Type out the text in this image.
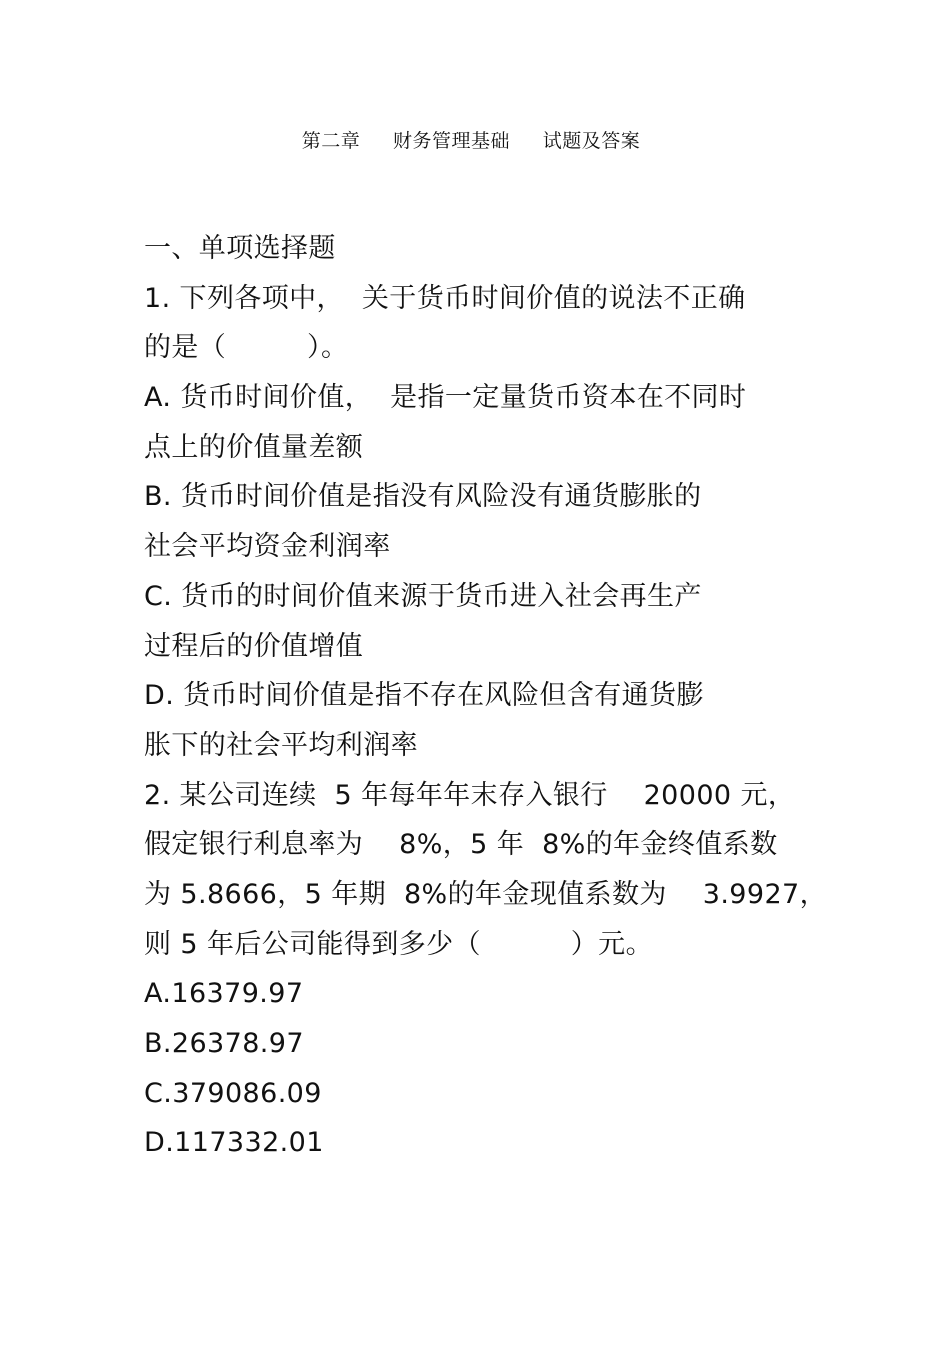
第二章     财务管理基础     试题及答案
一、单项选择题
1. 下列各项中，  关于货币时间价值的说法不正确
的是（         ）。
A. 货币时间价值，  是指一定量货币资本在不同时
点上的价值量差额
B. 货币时间价值是指没有风险没有通货膨胀的
社会平均资金利润率
C. 货币的时间价值来源于货币进入社会再生产
过程后的价值增值
D. 货币时间价值是指不存在风险但含有通货膨
胀下的社会平均利润率
2. 某公司连续  5 年每年年末存入银行    20000 元，
假定银行利息率为    8%，5 年  8%的年金终值系数
为 5.8666，5 年期  8%的年金现值系数为    3.9927，
则 5 年后公司能得到多少（          ）元。
A.16379.97
B.26378.97
C.379086.09
D.117332.01
